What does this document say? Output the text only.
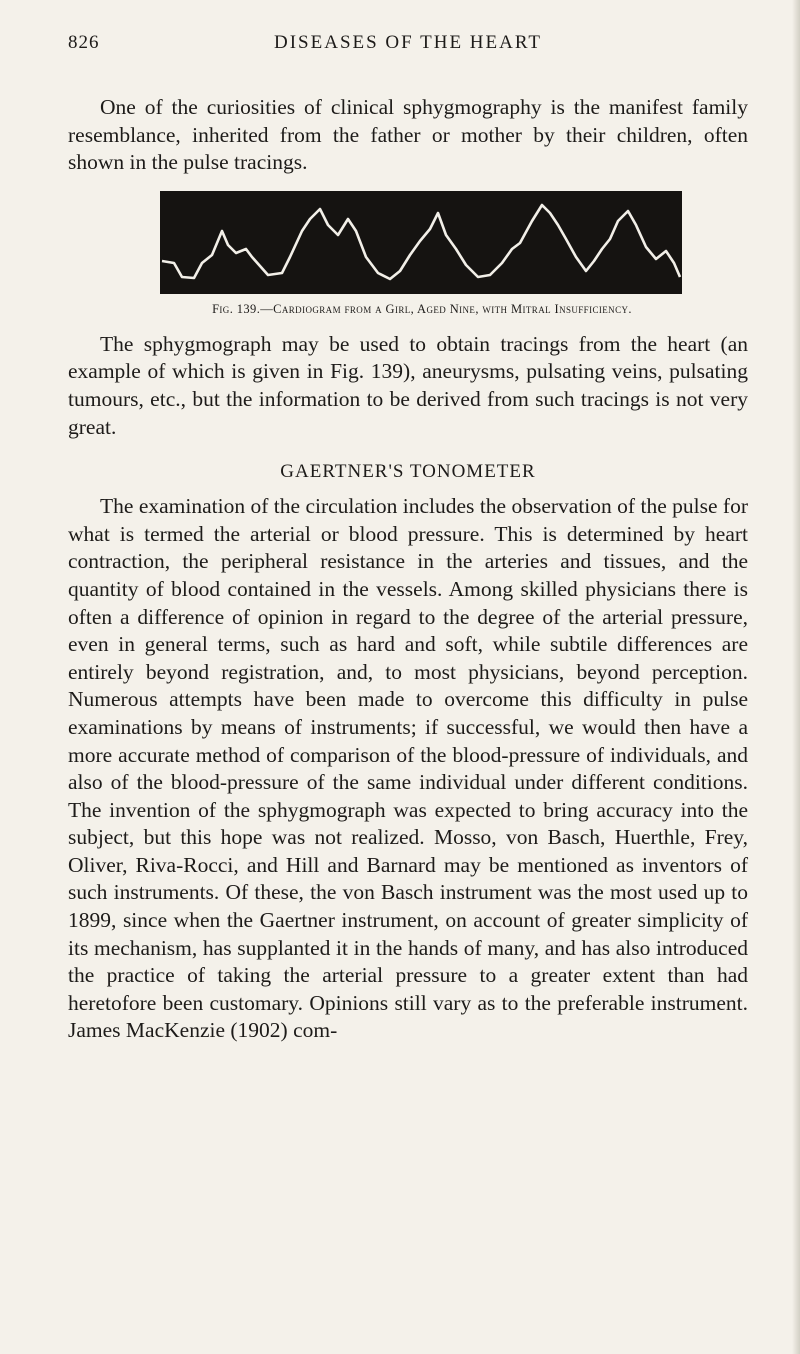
826	DISEASES OF THE HEART

One of the curiosities of clinical sphygmography is the manifest family resemblance, inherited from the father or mother by their children, often shown in the pulse tracings.

Fig. 139.—Cardiogram from a Girl, Aged Nine, with Mitral Insufficiency.

The sphygmograph may be used to obtain tracings from the heart (an example of which is given in Fig. 139), aneurysms, pulsating veins, pulsating tumours, etc., but the information to be derived from such tracings is not very great.

GAERTNER'S TONOMETER

The examination of the circulation includes the observation of the pulse for what is termed the arterial or blood pressure. This is determined by heart contraction, the peripheral resistance in the arteries and tissues, and the quantity of blood contained in the vessels. Among skilled physicians there is often a difference of opinion in regard to the degree of the arterial pressure, even in general terms, such as hard and soft, while subtile differences are entirely beyond registration, and, to most physicians, beyond perception. Numerous attempts have been made to overcome this difficulty in pulse examinations by means of instruments; if successful, we would then have a more accurate method of comparison of the blood-pressure of individuals, and also of the blood-pressure of the same individual under different conditions. The invention of the sphygmograph was expected to bring accuracy into the subject, but this hope was not realized. Mosso, von Basch, Huerthle, Frey, Oliver, Riva-Rocci, and Hill and Barnard may be mentioned as inventors of such instruments. Of these, the von Basch instrument was the most used up to 1899, since when the Gaertner instrument, on account of greater simplicity of its mechanism, has supplanted it in the hands of many, and has also introduced the practice of taking the arterial pressure to a greater extent than had heretofore been customary. Opinions still vary as to the preferable instrument. James MacKenzie (1902) com-
